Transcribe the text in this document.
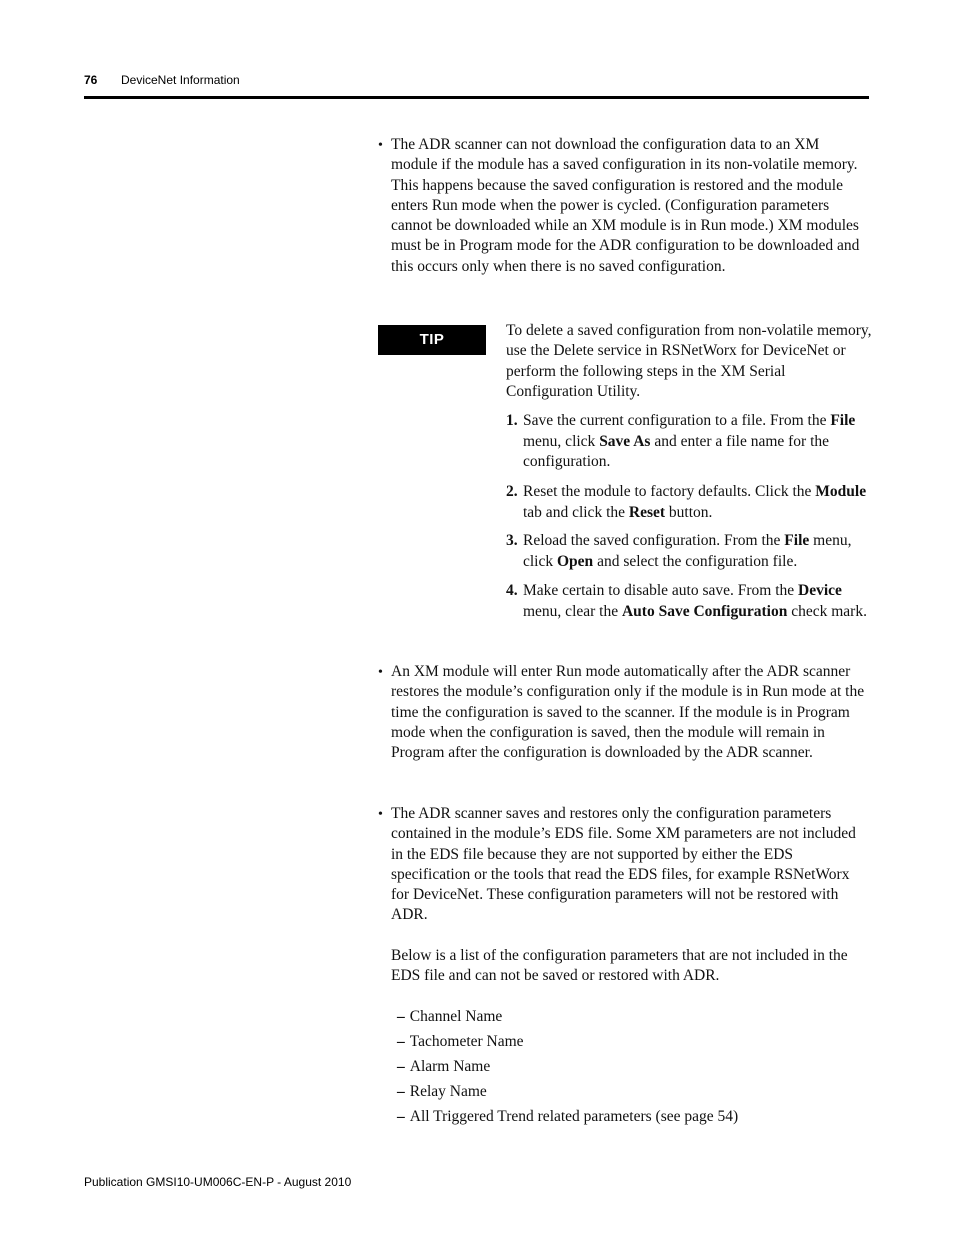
76 DeviceNet Information
• The ADR scanner can not download the configuration data to an XM module if the module has a saved configuration in its non-volatile memory. This happens because the saved configuration is restored and the module enters Run mode when the power is cycled. (Configuration parameters cannot be downloaded while an XM module is in Run mode.) XM modules must be in Program mode for the ADR configuration to be downloaded and this occurs only when there is no saved configuration.
TIP
To delete a saved configuration from non-volatile memory, use the Delete service in RSNetWorx for DeviceNet or perform the following steps in the XM Serial Configuration Utility.
1. Save the current configuration to a file. From the File menu, click Save As and enter a file name for the configuration.
2. Reset the module to factory defaults. Click the Module tab and click the Reset button.
3. Reload the saved configuration. From the File menu, click Open and select the configuration file.
4. Make certain to disable auto save. From the Device menu, clear the Auto Save Configuration check mark.
• An XM module will enter Run mode automatically after the ADR scanner restores the module’s configuration only if the module is in Run mode at the time the configuration is saved to the scanner. If the module is in Program mode when the configuration is saved, then the module will remain in Program after the configuration is downloaded by the ADR scanner.
• The ADR scanner saves and restores only the configuration parameters contained in the module’s EDS file. Some XM parameters are not included in the EDS file because they are not supported by either the EDS specification or the tools that read the EDS files, for example RSNetWorx for DeviceNet. These configuration parameters will not be restored with ADR.
Below is a list of the configuration parameters that are not included in the EDS file and can not be saved or restored with ADR.
– Channel Name
– Tachometer Name
– Alarm Name
– Relay Name
– All Triggered Trend related parameters (see page 54)
Publication GMSI10-UM006C-EN-P - August 2010
